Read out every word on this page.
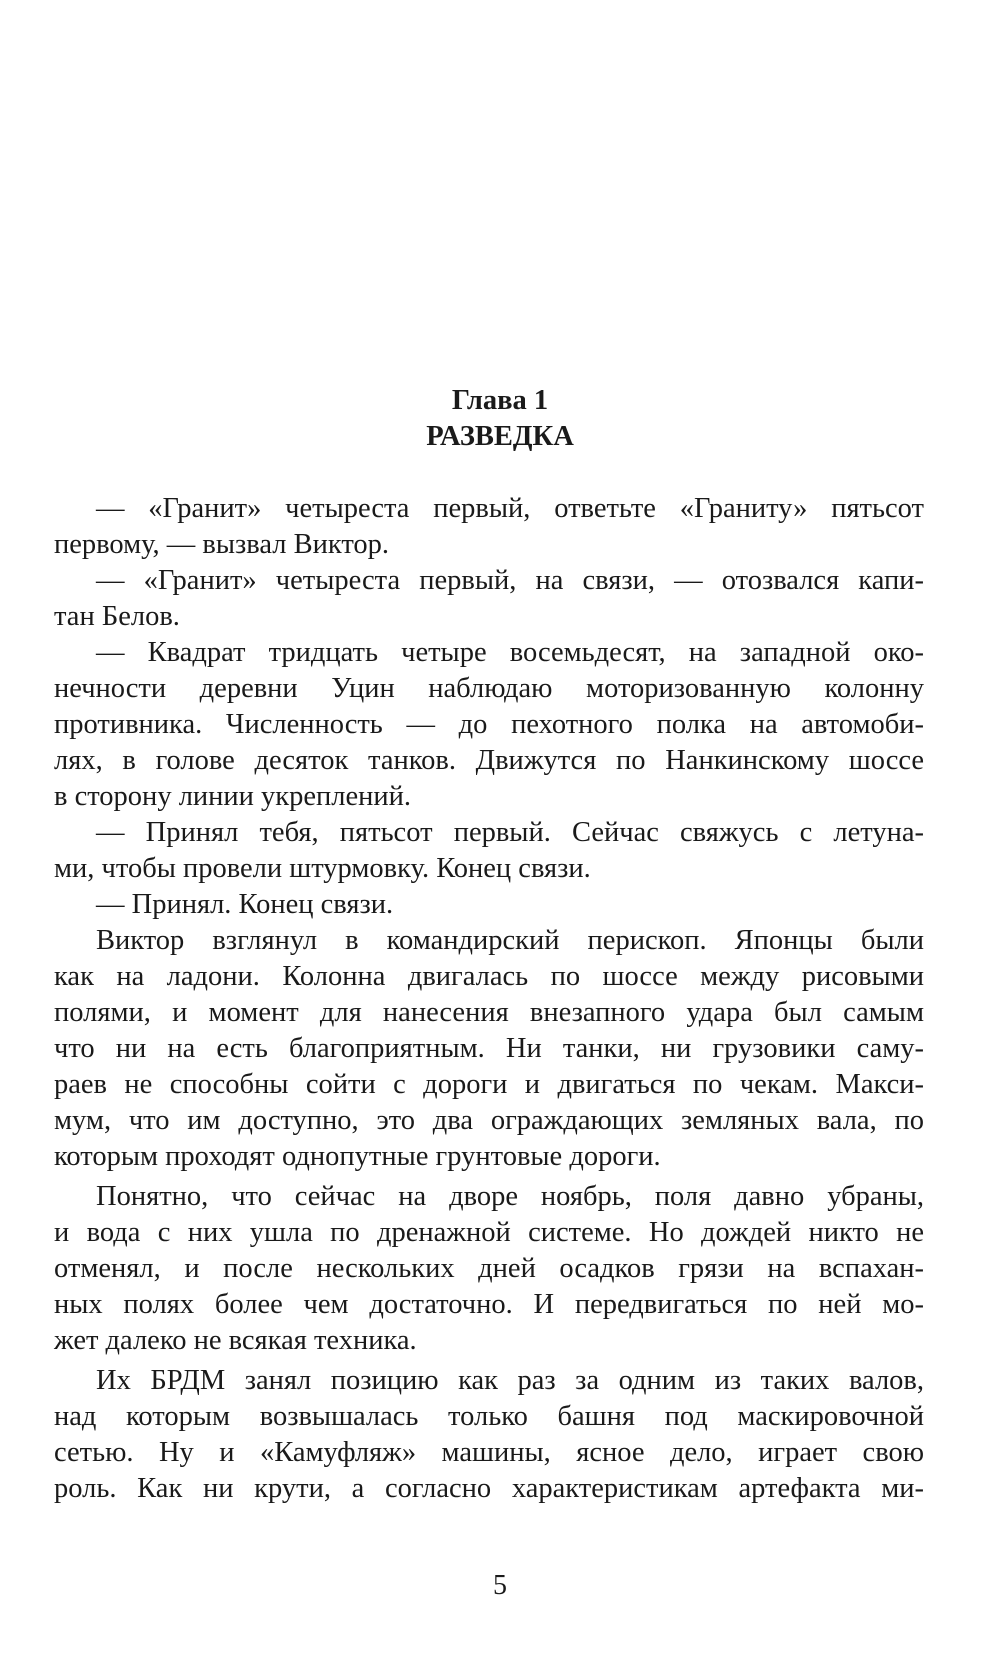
Глава 1
РАЗВЕДКА
— «Гранит» четыреста первый, ответьте «Граниту» пятьсот
первому, — вызвал Виктор.
— «Гранит» четыреста первый, на связи, — отозвался капи-
тан Белов.
— Квадрат тридцать четыре восемьдесят, на западной око-
нечности деревни Уцин наблюдаю моторизованную колонну
противника. Численность — до пехотного полка на автомоби-
лях, в голове десяток танков. Движутся по Нанкинскому шоссе
в сторону линии укреплений.
— Принял тебя, пятьсот первый. Сейчас свяжусь с летуна-
ми, чтобы провели штурмовку. Конец связи.
— Принял. Конец связи.
Виктор взглянул в командирский перископ. Японцы были
как на ладони. Колонна двигалась по шоссе между рисовыми
полями, и момент для нанесения внезапного удара был самым
что ни на есть благоприятным. Ни танки, ни грузовики саму-
раев не способны сойти с дороги и двигаться по чекам. Макси-
мум, что им доступно, это два ограждающих земляных вала, по
которым проходят однопутные грунтовые дороги.
Понятно, что сейчас на дворе ноябрь, поля давно убраны,
и вода с них ушла по дренажной системе. Но дождей никто не
отменял, и после нескольких дней осадков грязи на вспахан-
ных полях более чем достаточно. И передвигаться по ней мо-
жет далеко не всякая техника.
Их БРДМ занял позицию как раз за одним из таких валов,
над которым возвышалась только башня под маскировочной
сетью. Ну и «Камуфляж» машины, ясное дело, играет свою
роль. Как ни крути, а согласно характеристикам артефакта ми-
5
